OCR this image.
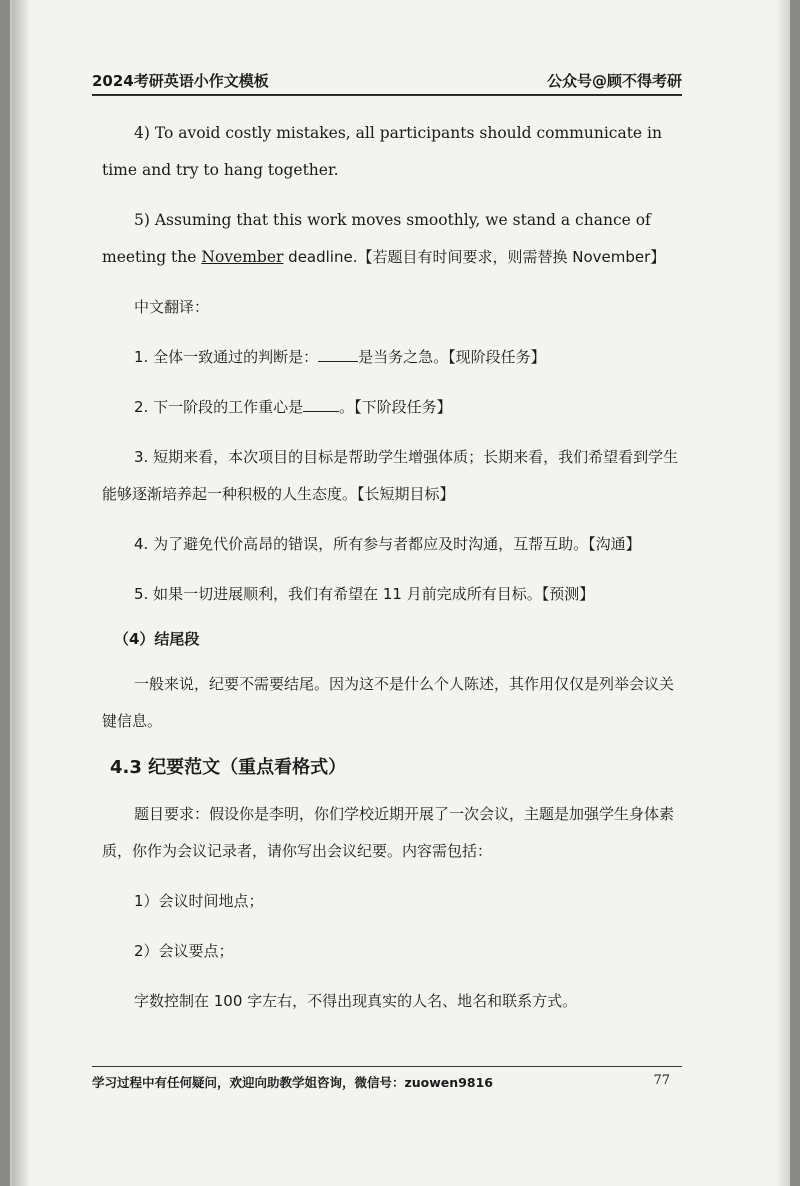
2024考研英语小作文模板	公众号@顾不得考研

4) To avoid costly mistakes, all participants should communicate in time and try to hang together.

5) Assuming that this work moves smoothly, we stand a chance of meeting the November deadline.【若题目有时间要求，则需替换 November】

中文翻译：

1. 全体一致通过的判断是：	是当务之急。【现阶段任务】

2. 下一阶段的工作重心是 。【下阶段任务】

3. 短期来看，本次项目的目标是帮助学生增强体质；长期来看，我们希望看到学生能够逐渐培养起一种积极的人生态度。【长短期目标】

4. 为了避免代价高昂的错误，所有参与者都应及时沟通，互帮互助。【沟通】

5. 如果一切进展顺利，我们有希望在 11 月前完成所有目标。【预测】

（4）结尾段

一般来说，纪要不需要结尾。因为这不是什么个人陈述，其作用仅仅是列举会议关键信息。

4.3 纪要范文（重点看格式）

题目要求：假设你是李明，你们学校近期开展了一次会议，主题是加强学生身体素质，你作为会议记录者，请你写出会议纪要。内容需包括：

1）会议时间地点；

2）会议要点；

字数控制在 100 字左右，不得出现真实的人名、地名和联系方式。

学习过程中有任何疑问，欢迎向助教学姐咨询，微信号：zuowen9816	77
